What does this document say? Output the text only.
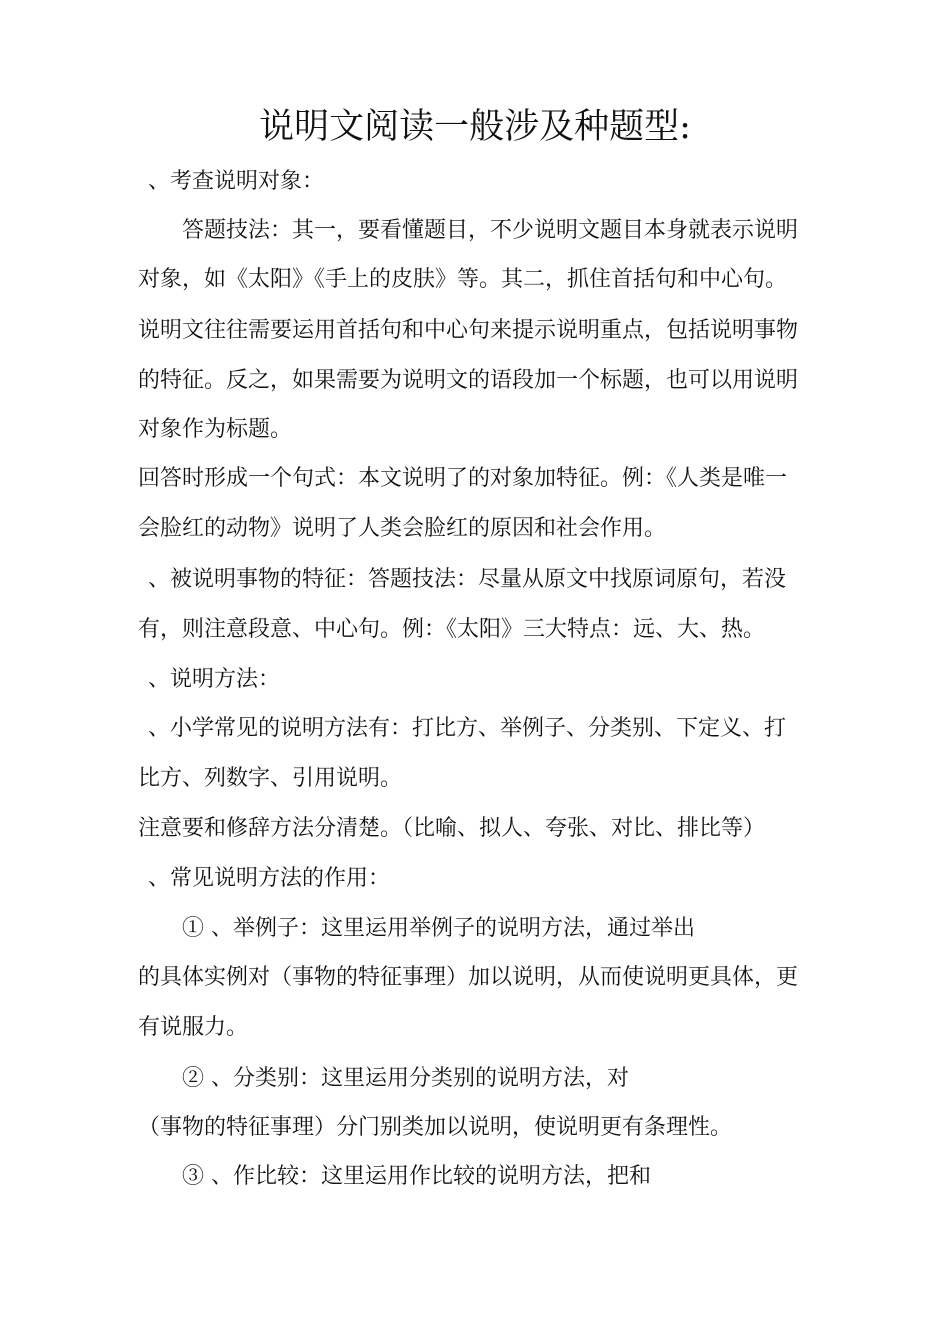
说明文阅读一般涉及种题型:
、考查说明对象：
答题技法：其一，要看懂题目，不少说明文题目本身就表示说明
对象，如《太阳》《手上的皮肤》等。其二，抓住首括句和中心句。
说明文往往需要运用首括句和中心句来提示说明重点，包括说明事物
的特征。反之，如果需要为说明文的语段加一个标题，也可以用说明
对象作为标题。
回答时形成一个句式：本文说明了的对象加特征。例：《人类是唯一
会脸红的动物》说明了人类会脸红的原因和社会作用。
、被说明事物的特征：答题技法：尽量从原文中找原词原句，若没
有，则注意段意、中心句。例：《太阳》三大特点：远、大、热。
、说明方法：
、小学常见的说明方法有：打比方、举例子、分类别、下定义、打
比方、列数字、引用说明。
注意要和修辞方法分清楚。（比喻、拟人、夸张、对比、排比等）
、常见说明方法的作用：
① 、举例子：这里运用举例子的说明方法，通过举出
的具体实例对（事物的特征事理）加以说明，从而使说明更具体，更
有说服力。
② 、分类别：这里运用分类别的说明方法，对
（事物的特征事理）分门别类加以说明，使说明更有条理性。
③ 、作比较：这里运用作比较的说明方法，把和
